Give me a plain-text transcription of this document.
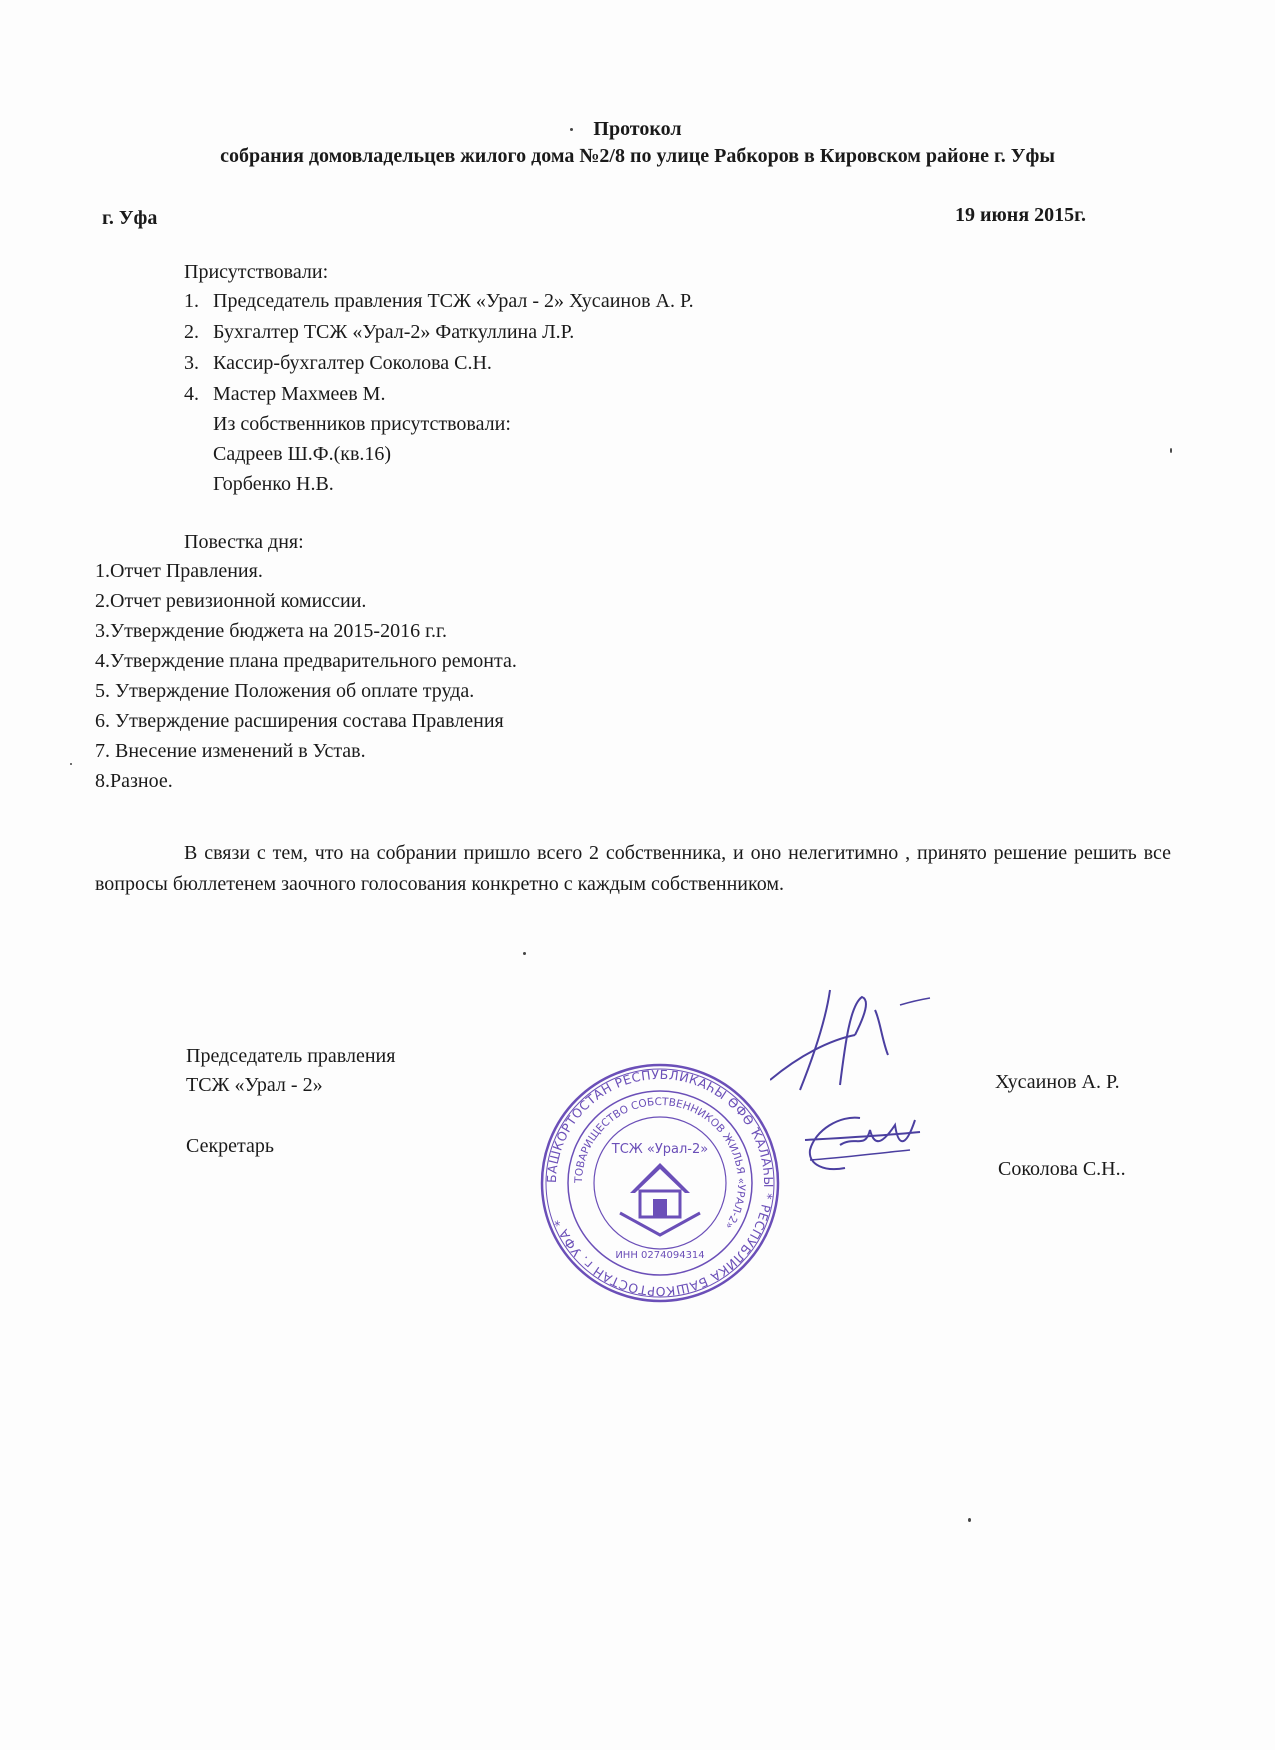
Протокол
собрания домовладельцев жилого дома №2/8 по улице Рабкоров в Кировском районе г. Уфы
г. Уфа	19 июня 2015г.
Присутствовали:
1. Председатель правления ТСЖ «Урал - 2» Хусаинов А. Р.
2. Бухгалтер ТСЖ «Урал-2» Фаткуллина Л.Р.
3. Кассир-бухгалтер Соколова С.Н.
4. Мастер Махмеев М.
Из собственников присутствовали:
Садреев Ш.Ф.(кв.16)
Горбенко Н.В.
Повестка дня:
1.Отчет Правления.
2.Отчет ревизионной комиссии.
3.Утверждение бюджета на 2015-2016 г.г.
4.Утверждение плана предварительного ремонта.
5. Утверждение Положения об оплате труда.
6. Утверждение расширения состава Правления
7. Внесение изменений в Устав.
8.Разное.
В связи с тем, что на собрании пришло всего 2 собственника, и оно нелегитимно , принято решение решить все вопросы бюллетенем заочного голосования конкретно с каждым собственником.
Председатель правления
ТСЖ «Урал - 2»	Хусаинов А. Р.
Секретарь
Соколова С.Н..
БАШКОРТОСТАН РЕСПУБЛИКАҺЫ ӨФӨ ҠАЛАҺЫ * РЕСПУБЛИКА БАШКОРТОСТАН г. УФА *
ТОВАРИЩЕСТВО СОБСТВЕННИКОВ ЖИЛЬЯ «УРАЛ-2»
ТСЖ «Урал-2»
ИНН 0274094314
